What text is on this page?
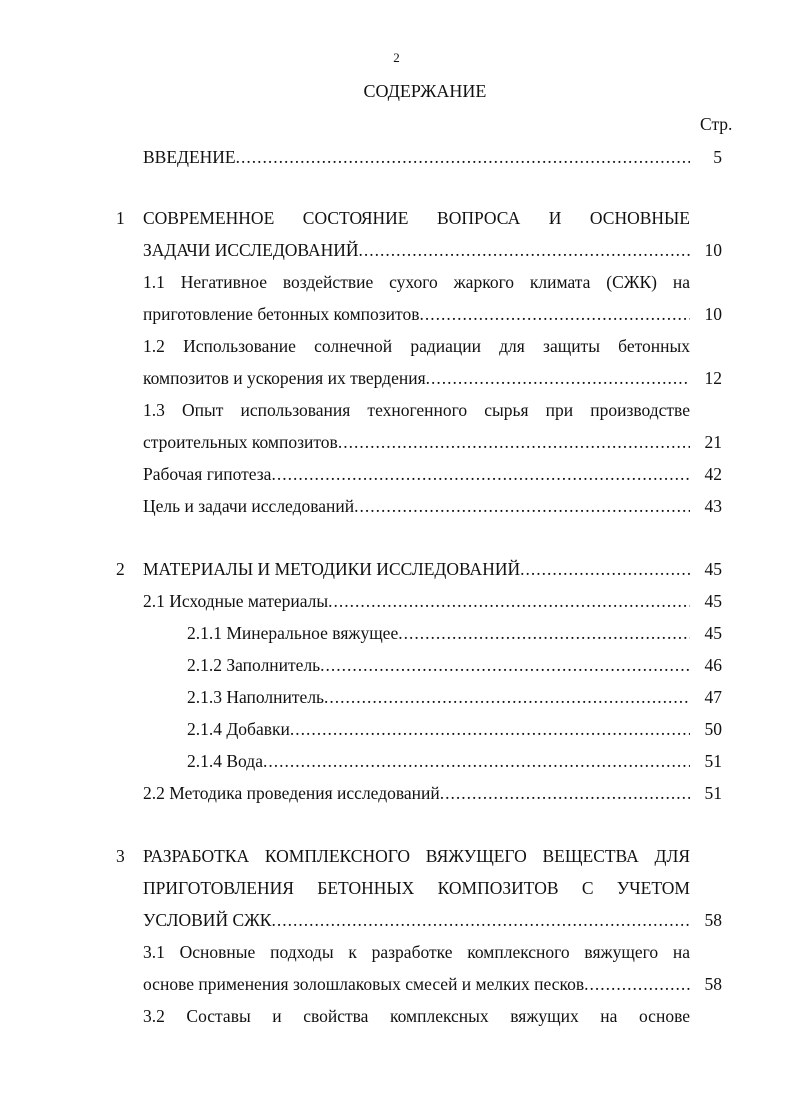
2
СОДЕРЖАНИЕ
Стр.
ВВЕДЕНИЕ .....	5
1 СОВРЕМЕННОЕ СОСТОЯНИЕ ВОПРОСА И ОСНОВНЫЕ
ЗАДАЧИ ИССЛЕДОВАНИЙ .....	10
1.1 Негативное воздействие сухого жаркого климата (СЖК) на
приготовление бетонных композитов .....	10
1.2 Использование солнечной радиации для защиты бетонных
композитов и ускорения их твердения .....	12
1.3 Опыт использования техногенного сырья при производстве
строительных композитов .....	21
Рабочая гипотеза .....	42
Цель и задачи исследований .....	43
2 МАТЕРИАЛЫ И МЕТОДИКИ ИССЛЕДОВАНИЙ .....	45
2.1 Исходные материалы .....	45
2.1.1 Минеральное вяжущее .....	45
2.1.2 Заполнитель .....	46
2.1.3 Наполнитель .....	47
2.1.4 Добавки .....	50
2.1.4 Вода .....	51
2.2 Методика проведения исследований .....	51
3 РАЗРАБОТКА КОМПЛЕКСНОГО ВЯЖУЩЕГО ВЕЩЕСТВА ДЛЯ
ПРИГОТОВЛЕНИЯ БЕТОННЫХ КОМПОЗИТОВ С УЧЕТОМ
УСЛОВИЙ СЖК .....	58
3.1 Основные подходы к разработке комплексного вяжущего на
основе применения золошлаковых смесей и мелких песков .....	58
3.2 Составы и свойства комплексных вяжущих на основе
